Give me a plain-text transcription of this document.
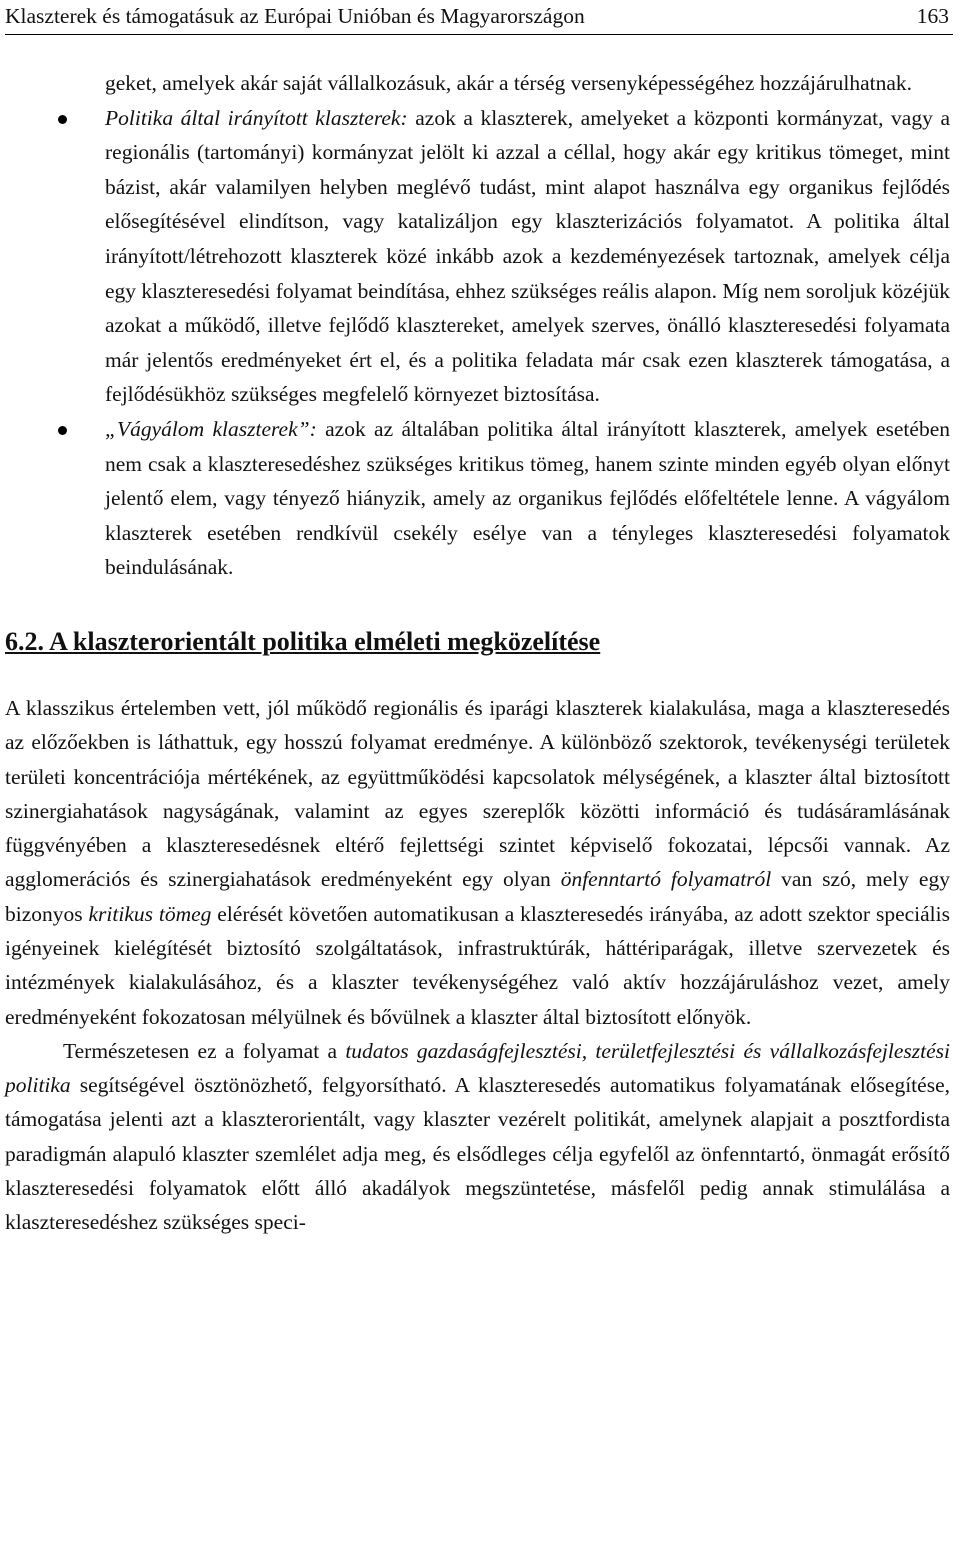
Klaszterek és támogatásuk az Európai Unióban és Magyarországon	163

geket, amelyek akár saját vállalkozásuk, akár a térség versenyképességéhez hozzájárulhatnak.

Politika által irányított klaszterek: azok a klaszterek, amelyeket a központi kormányzat, vagy a regionális (tartományi) kormányzat jelölt ki azzal a céllal, hogy akár egy kritikus tömeget, mint bázist, akár valamilyen helyben meglévő tudást, mint alapot használva egy organikus fejlődés elősegítésével elindítson, vagy katalizáljon egy klaszterizációs folyamatot. A politika által irányított/létrehozott klaszterek közé inkább azok a kezdeményezések tartoznak, amelyek célja egy klaszteresedési folyamat beindítása, ehhez szükséges reális alapon. Míg nem soroljuk közéjük azokat a működő, illetve fejlődő klasztereket, amelyek szerves, önálló klaszteresedési folyamata már jelentős eredményeket ért el, és a politika feladata már csak ezen klaszterek támogatása, a fejlődésükhöz szükséges megfelelő környezet biztosítása.

„Vágyálom klaszterek”: azok az általában politika által irányított klaszterek, amelyek esetében nem csak a klaszteresedéshez szükséges kritikus tömeg, hanem szinte minden egyéb olyan előnyt jelentő elem, vagy tényező hiányzik, amely az organikus fejlődés előfeltétele lenne. A vágyálom klaszterek esetében rendkívül csekély esélye van a tényleges klaszteresedési folyamatok beindulásának.

6.2. A klaszterorientált politika elméleti megközelítése

A klasszikus értelemben vett, jól működő regionális és iparági klaszterek kialakulása, maga a klaszteresedés az előzőekben is láthattuk, egy hosszú folyamat eredménye. A különböző szektorok, tevékenységi területek területi koncentrációja mértékének, az együttműködési kapcsolatok mélységének, a klaszter által biztosított szinergiahatások nagyságának, valamint az egyes szereplők közötti információ és tudásáramlásának függvényében a klaszteresedésnek eltérő fejlettségi szintet képviselő fokozatai, lépcsői vannak. Az agglomerációs és szinergiahatások eredményeként egy olyan önfenntartó folyamatról van szó, mely egy bizonyos kritikus tömeg elérését követően automatikusan a klaszteresedés irányába, az adott szektor speciális igényeinek kielégítését biztosító szolgáltatások, infrastruktúrák, háttériparágak, illetve szervezetek és intézmények kialakulásához, és a klaszter tevékenységéhez való aktív hozzájáruláshoz vezet, amely eredményeként fokozatosan mélyülnek és bővülnek a klaszter által biztosított előnyök.

Természetesen ez a folyamat a tudatos gazdaságfejlesztési, területfejlesztési és vállalkozásfejlesztési politika segítségével ösztönözhető, felgyorsítható. A klaszteresedés automatikus folyamatának elősegítése, támogatása jelenti azt a klaszterorientált, vagy klaszter vezérelt politikát, amelynek alapjait a posztfordista paradigmán alapuló klaszter szemlélet adja meg, és elsődleges célja egyfelől az önfenntartó, önmagát erősítő klaszteresedési folyamatok előtt álló akadályok megszüntetése, másfelől pedig annak stimulálása a klaszteresedéshez szükséges speci-
